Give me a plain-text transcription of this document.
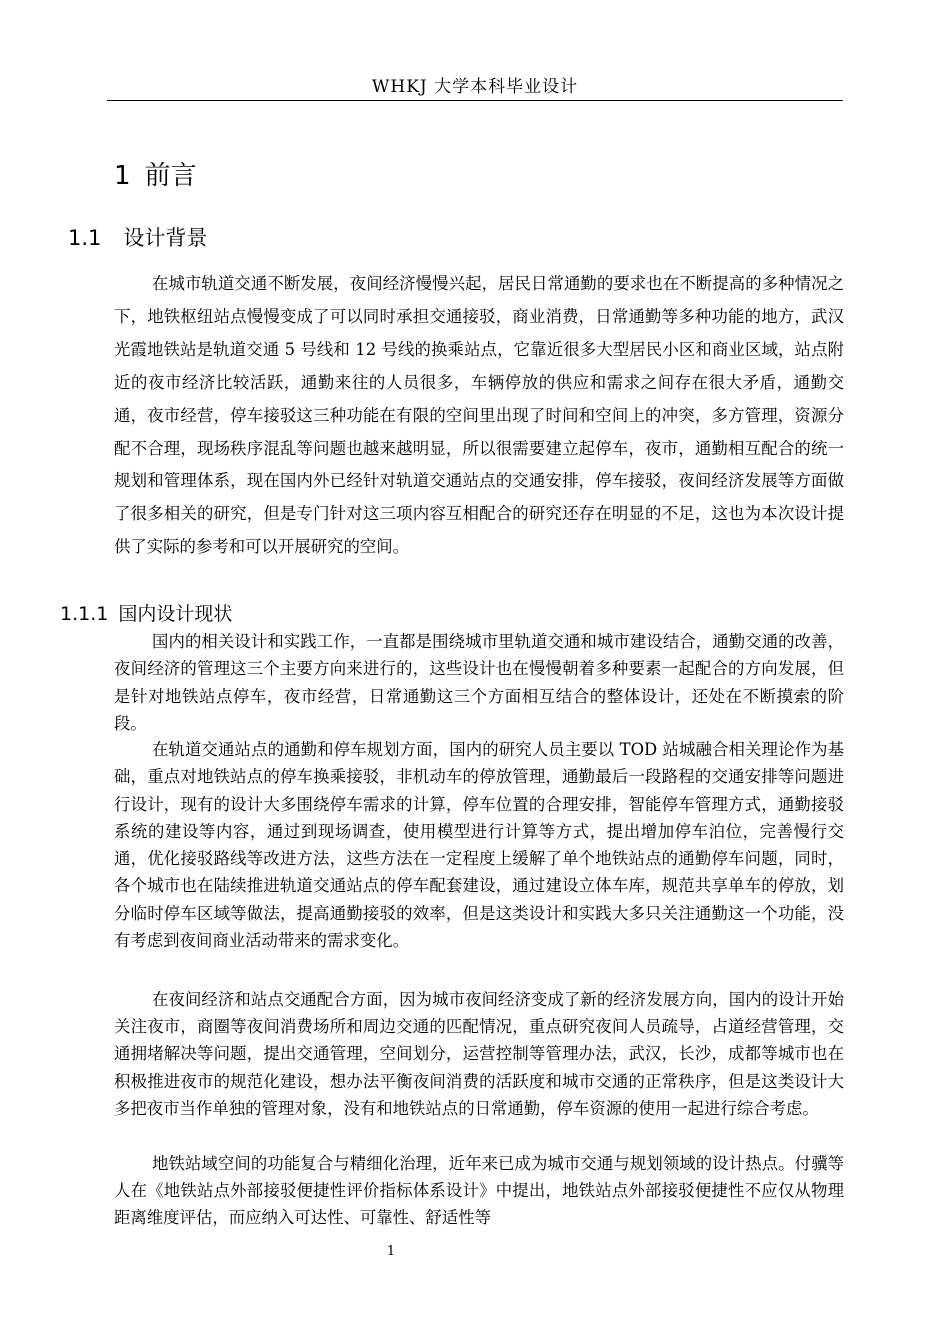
WHKJ 大学本科毕业设计
1 前言
1.1 设计背景

在城市轨道交通不断发展，夜间经济慢慢兴起，居民日常通勤的要求也在不断提高的多种情况之下，地铁枢纽站点慢慢变成了可以同时承担交通接驳，商业消费，日常通勤等多种功能的地方，武汉光霞地铁站是轨道交通 5 号线和 12 号线的换乘站点，它靠近很多大型居民小区和商业区域，站点附近的夜市经济比较活跃，通勤来往的人员很多，车辆停放的供应和需求之间存在很大矛盾，通勤交通，夜市经营，停车接驳这三种功能在有限的空间里出现了时间和空间上的冲突，多方管理，资源分配不合理，现场秩序混乱等问题也越来越明显，所以很需要建立起停车，夜市，通勤相互配合的统一规划和管理体系，现在国内外已经针对轨道交通站点的交通安排，停车接驳，夜间经济发展等方面做了很多相关的研究，但是专门针对这三项内容互相配合的研究还存在明显的不足，这也为本次设计提供了实际的参考和可以开展研究的空间。

1.1.1 国内设计现状

国内的相关设计和实践工作，一直都是围绕城市里轨道交通和城市建设结合，通勤交通的改善，夜间经济的管理这三个主要方向来进行的，这些设计也在慢慢朝着多种要素一起配合的方向发展，但是针对地铁站点停车，夜市经营，日常通勤这三个方面相互结合的整体设计，还处在不断摸索的阶段。

在轨道交通站点的通勤和停车规划方面，国内的研究人员主要以 TOD 站城融合相关理论作为基础，重点对地铁站点的停车换乘接驳，非机动车的停放管理，通勤最后一段路程的交通安排等问题进行设计，现有的设计大多围绕停车需求的计算，停车位置的合理安排，智能停车管理方式，通勤接驳系统的建设等内容，通过到现场调查，使用模型进行计算等方式，提出增加停车泊位，完善慢行交通，优化接驳路线等改进方法，这些方法在一定程度上缓解了单个地铁站点的通勤停车问题，同时，各个城市也在陆续推进轨道交通站点的停车配套建设，通过建设立体车库，规范共享单车的停放，划分临时停车区域等做法，提高通勤接驳的效率，但是这类设计和实践大多只关注通勤这一个功能，没有考虑到夜间商业活动带来的需求变化。

在夜间经济和站点交通配合方面，因为城市夜间经济变成了新的经济发展方向，国内的设计开始关注夜市，商圈等夜间消费场所和周边交通的匹配情况，重点研究夜间人员疏导，占道经营管理，交通拥堵解决等问题，提出交通管理，空间划分，运营控制等管理办法，武汉，长沙，成都等城市也在积极推进夜市的规范化建设，想办法平衡夜间消费的活跃度和城市交通的正常秩序，但是这类设计大多把夜市当作单独的管理对象，没有和地铁站点的日常通勤，停车资源的使用一起进行综合考虑。

地铁站域空间的功能复合与精细化治理，近年来已成为城市交通与规划领域的设计热点。付骥等人在《地铁站点外部接驳便捷性评价指标体系设计》中提出，地铁站点外部接驳便捷性不应仅从物理距离维度评估，而应纳入可达性、可靠性、舒适性等

1
